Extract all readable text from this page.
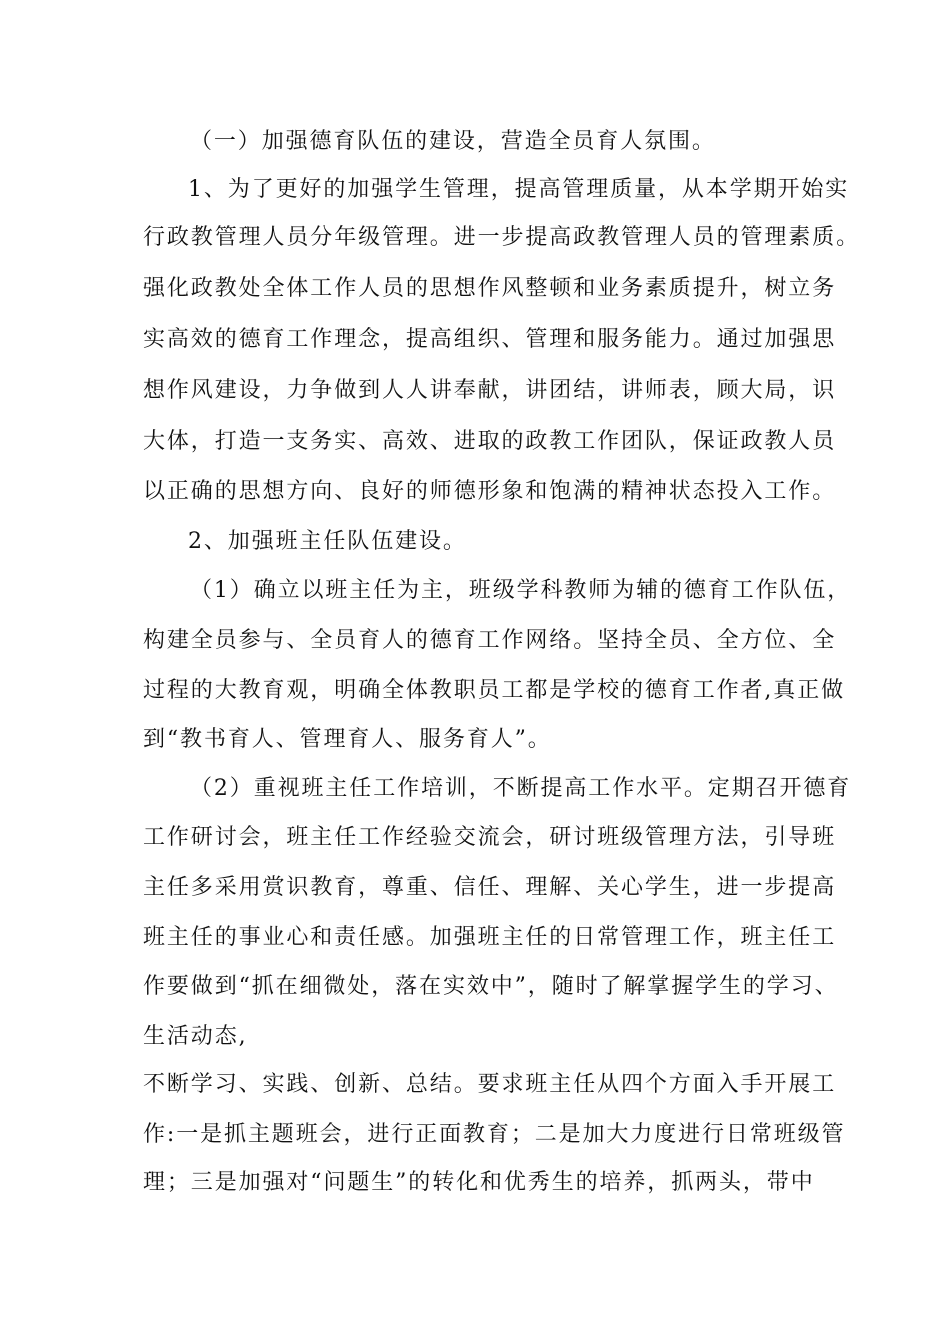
（一）加强德育队伍的建设，营造全员育人氛围。
1、为了更好的加强学生管理，提高管理质量，从本学期开始实
行政教管理人员分年级管理。进一步提高政教管理人员的管理素质。
强化政教处全体工作人员的思想作风整顿和业务素质提升，树立务
实高效的德育工作理念，提高组织、管理和服务能力。通过加强思
想作风建设，力争做到人人讲奉献，讲团结，讲师表，顾大局，识
大体，打造一支务实、高效、进取的政教工作团队，保证政教人员
以正确的思想方向、良好的师德形象和饱满的精神状态投入工作。
2、加强班主任队伍建设。
（1）确立以班主任为主，班级学科教师为辅的德育工作队伍，
构建全员参与、全员育人的德育工作网络。坚持全员、全方位、全
过程的大教育观，明确全体教职员工都是学校的德育工作者,真正做
到“教书育人、管理育人、服务育人”。
（2）重视班主任工作培训，不断提高工作水平。定期召开德育
工作研讨会，班主任工作经验交流会，研讨班级管理方法，引导班
主任多采用赏识教育，尊重、信任、理解、关心学生，进一步提高
班主任的事业心和责任感。加强班主任的日常管理工作，班主任工
作要做到“抓在细微处，落在实效中”，随时了解掌握学生的学习、
生活动态,
不断学习、实践、创新、总结。要求班主任从四个方面入手开展工
作:一是抓主题班会，进行正面教育；二是加大力度进行日常班级管
理；三是加强对“问题生”的转化和优秀生的培养，抓两头，带中
